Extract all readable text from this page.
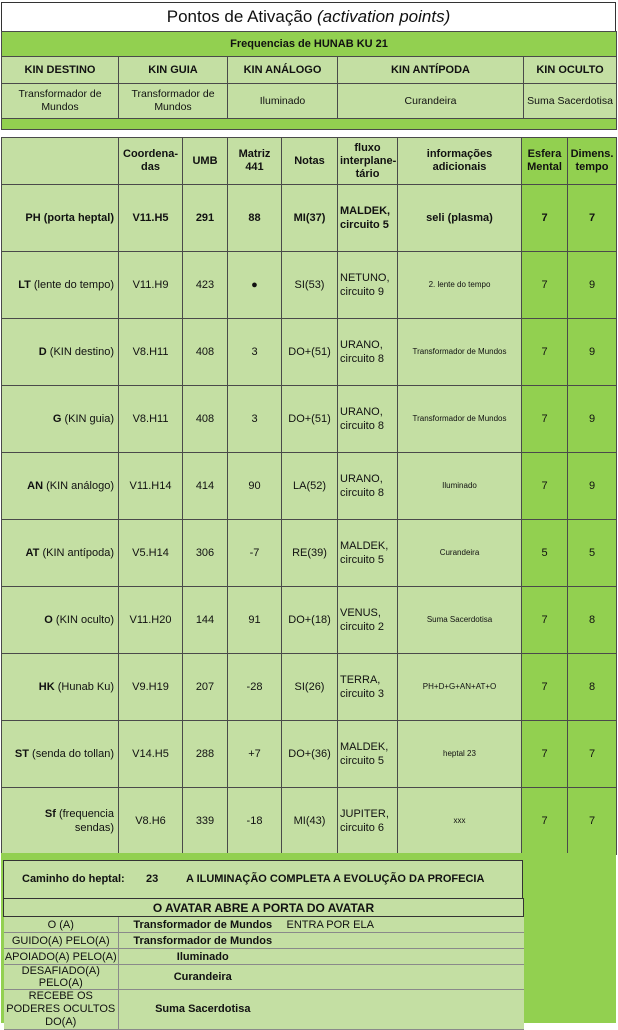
Pontos de Ativação (activation points)
Frequencias de HUNAB KU 21				
KIN DESTINO	KIN GUIA	KIN ANÁLOGO	KIN ANTÍPODA	KIN OCULTO
Transformador de Mundos	Transformador de Mundos	Iluminado	Curandeira	Suma Sacerdotisa

	Coordena-das	UMB	Matriz 441	Notas	fluxo interplane-tário	informações adicionais	Esfera Mental	Dimens. tempo
PH (porta heptal)	V11.H5	291	88	MI(37)	MALDEK, circuito 5	seli (plasma)	7	7
LT (lente do tempo)	V11.H9	423	●	SI(53)	NETUNO, circuito 9	2. lente do tempo	7	9
D (KIN destino)	V8.H11	408	3	DO+(51)	URANO, circuito 8	Transformador de Mundos	7	9
G (KIN guia)	V8.H11	408	3	DO+(51)	URANO, circuito 8	Transformador de Mundos	7	9
AN (KIN análogo)	V11.H14	414	90	LA(52)	URANO, circuito 8	Iluminado	7	9
AT (KIN antípoda)	V5.H14	306	-7	RE(39)	MALDEK, circuito 5	Curandeira	5	5
O (KIN oculto)	V11.H20	144	91	DO+(18)	VENUS, circuito 2	Suma Sacerdotisa	7	8
HK (Hunab Ku)	V9.H19	207	-28	SI(26)	TERRA, circuito 3	PH+D+G+AN+AT+O	7	8
ST (senda do tollan)	V14.H5	288	+7	DO+(36)	MALDEK, circuito 5	heptal 23	7	7
Sf (frequencia sendas)	V8.H6	339	-18	MI(43)	JUPITER, circuito 6	xxx	7	7
Caminho do heptal: 23	A ILUMINAÇÃO COMPLETA A EVOLUÇÃO DA PROFECIA
O AVATAR ABRE A PORTA DO AVATAR		
O (A)	Transformador de Mundos	ENTRA POR ELA
GUIDO(A) PELO(A)	Transformador de Mundos	
APOIADO(A) PELO(A)	Iluminado	
DESAFIADO(A) PELO(A)	Curandeira	
RECEBE OS PODERES OCULTOS DO(A)	Suma Sacerdotisa	
